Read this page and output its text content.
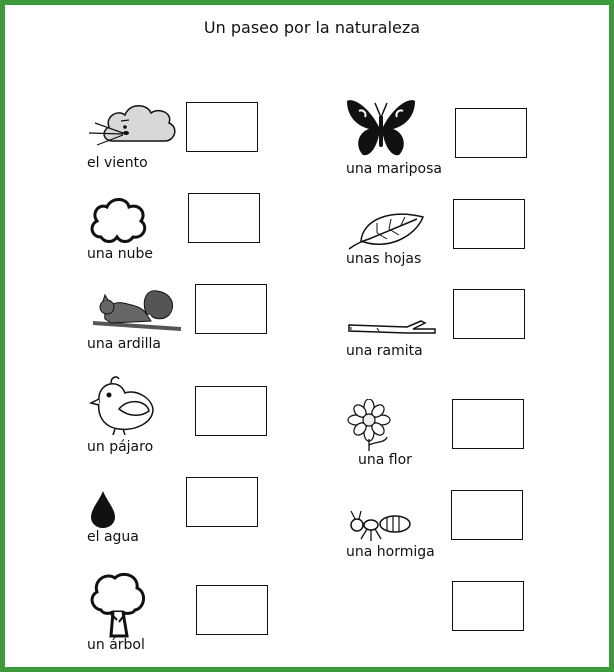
Un paseo por la naturaleza
el viento
una nube
una ardilla
un pájaro
el agua
un árbol
una mariposa
unas hojas
una ramita
una flor
una hormiga
